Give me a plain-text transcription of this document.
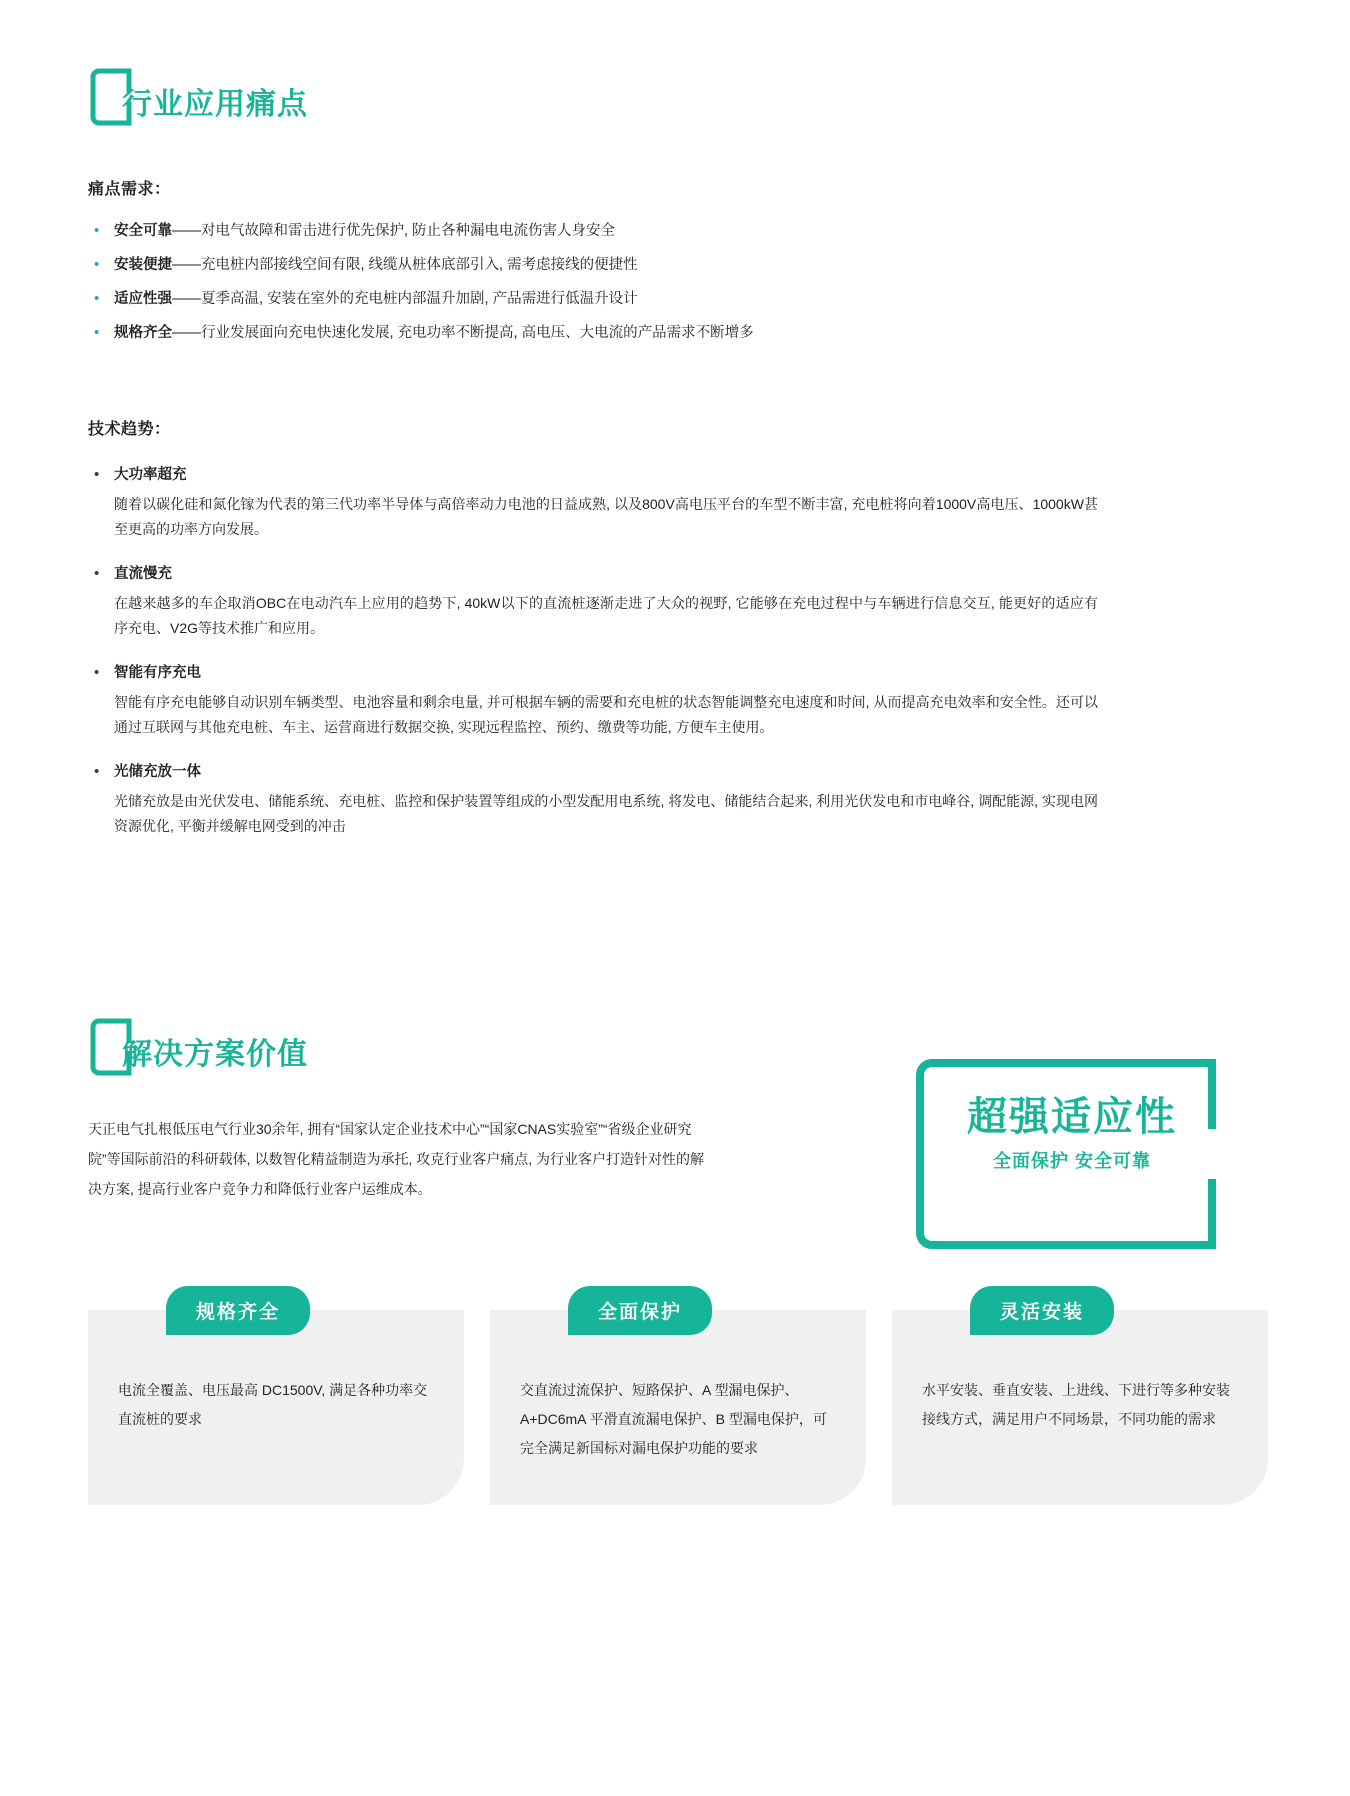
行业应用痛点
痛点需求：
•	安全可靠——对电气故障和雷击进行优先保护, 防止各种漏电电流伤害人身安全
•	安装便捷——充电桩内部接线空间有限, 线缆从桩体底部引入, 需考虑接线的便捷性
•	适应性强——夏季高温, 安装在室外的充电桩内部温升加剧, 产品需进行低温升设计
•	规格齐全——行业发展面向充电快速化发展, 充电功率不断提高, 高电压、大电流的产品需求不断增多
技术趋势：
•	大功率超充
随着以碳化硅和氮化镓为代表的第三代功率半导体与高倍率动力电池的日益成熟, 以及800V高电压平台的车型不断丰富, 充电桩将向着1000V高电压、1000kW甚至更高的功率方向发展。
•	直流慢充
在越来越多的车企取消OBC在电动汽车上应用的趋势下, 40kW以下的直流桩逐渐走进了大众的视野, 它能够在充电过程中与车辆进行信息交互, 能更好的适应有序充电、V2G等技术推广和应用。
•	智能有序充电
智能有序充电能够自动识别车辆类型、电池容量和剩余电量, 并可根据车辆的需要和充电桩的状态智能调整充电速度和时间, 从而提高充电效率和安全性。还可以通过互联网与其他充电桩、车主、运营商进行数据交换, 实现远程监控、预约、缴费等功能, 方便车主使用。
•	光储充放一体
光储充放是由光伏发电、储能系统、充电桩、监控和保护装置等组成的小型发配用电系统, 将发电、储能结合起来, 利用光伏发电和市电峰谷, 调配能源, 实现电网资源优化, 平衡并缓解电网受到的冲击
解决方案价值
天正电气扎根低压电气行业30余年, 拥有“国家认定企业技术中心”“国家CNAS实验室”“省级企业研究院”等国际前沿的科研载体, 以数智化精益制造为承托, 攻克行业客户痛点, 为行业客户打造针对性的解决方案, 提高行业客户竞争力和降低行业客户运维成本。
超强适应性
全面保护 安全可靠
规格齐全
电流全覆盖、电压最高 DC1500V, 满足各种功率交直流桩的要求
全面保护
交直流过流保护、短路保护、A 型漏电保护、A+DC6mA 平滑直流漏电保护、B 型漏电保护，可完全满足新国标对漏电保护功能的要求
灵活安装
水平安装、垂直安装、上进线、下进行等多种安装接线方式，满足用户不同场景，不同功能的需求
